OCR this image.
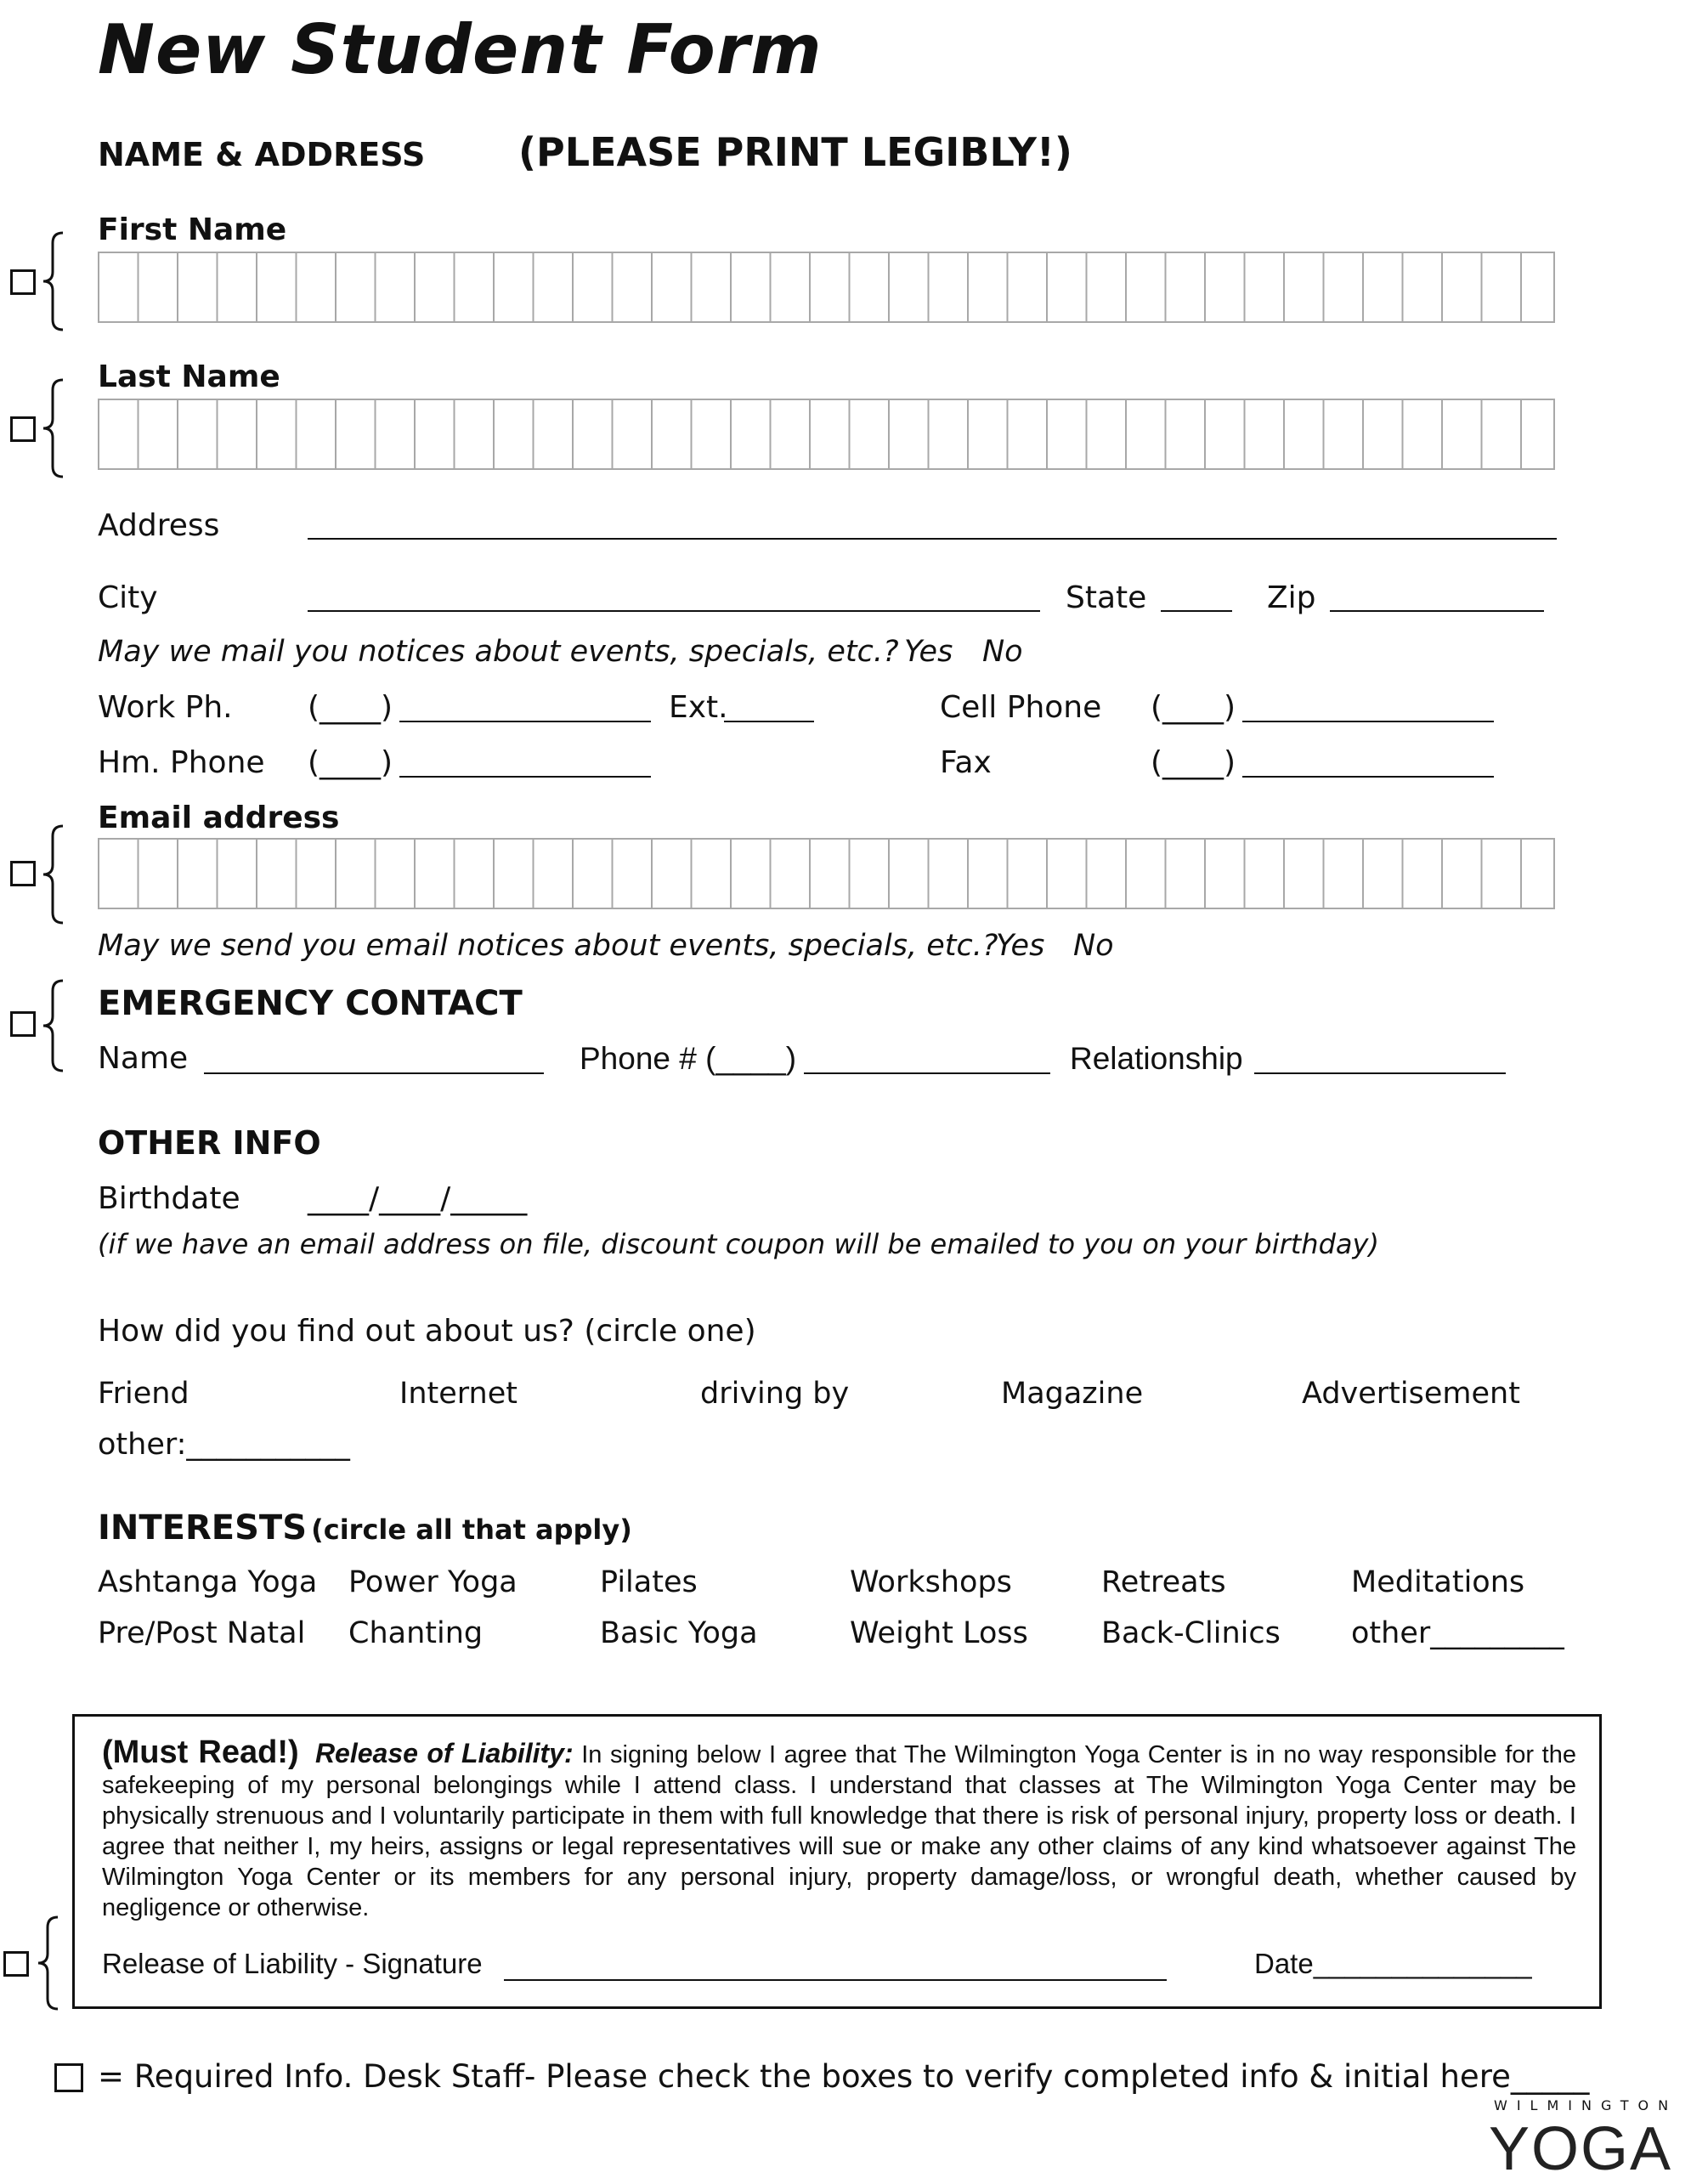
New Student Form
NAME & ADDRESS (PLEASE PRINT LEGIBLY!)
First Name
Last Name
Address
City	State	Zip
May we mail you notices about events, specials, etc.? Yes No
Work Ph. (____)	Ext.	Cell Phone (____)
Hm. Phone (____)	Fax	(____)
Email address
May we send you email notices about events, specials, etc.?
Yes No
EMERGENCY CONTACT
Name	Phone # (____)	Relationship
OTHER INFO
Birthdate ____/____/_____
(if we have an email address on file, discount coupon will be emailed to you on your birthday)
How did you find out about us? (circle one)
Friend	Internet	driving by	Magazine	Advertisement
other:___________
INTERESTS (circle all that apply)
Ashtanga Yoga Power Yoga	Pilates	Workshops	Retreats	Meditations
Pre/Post Natal Chanting	Basic Yoga	Weight Loss Back-Clinics other_________
(Must Read!) Release of Liability: In signing below I agree that The Wilmington Yoga Center is in no way responsible for the safekeeping of my personal belongings while I attend class. I understand that classes at The Wilmington Yoga Center may be physically strenuous and I voluntarily participate in them with full knowledge that there is risk of personal injury, property loss or death. I agree that neither I, my heirs, assigns or legal representatives will sue or make any other claims of any kind whatsoever against The Wilmington Yoga Center or its members for any personal injury, property damage/loss, or wrongful death, whether caused by negligence or otherwise.
Release of Liability - Signature	Date______________
= Required Info. Desk Staff- Please check the boxes to verify completed info & initial here_____
WILMINGTON
YOGA
